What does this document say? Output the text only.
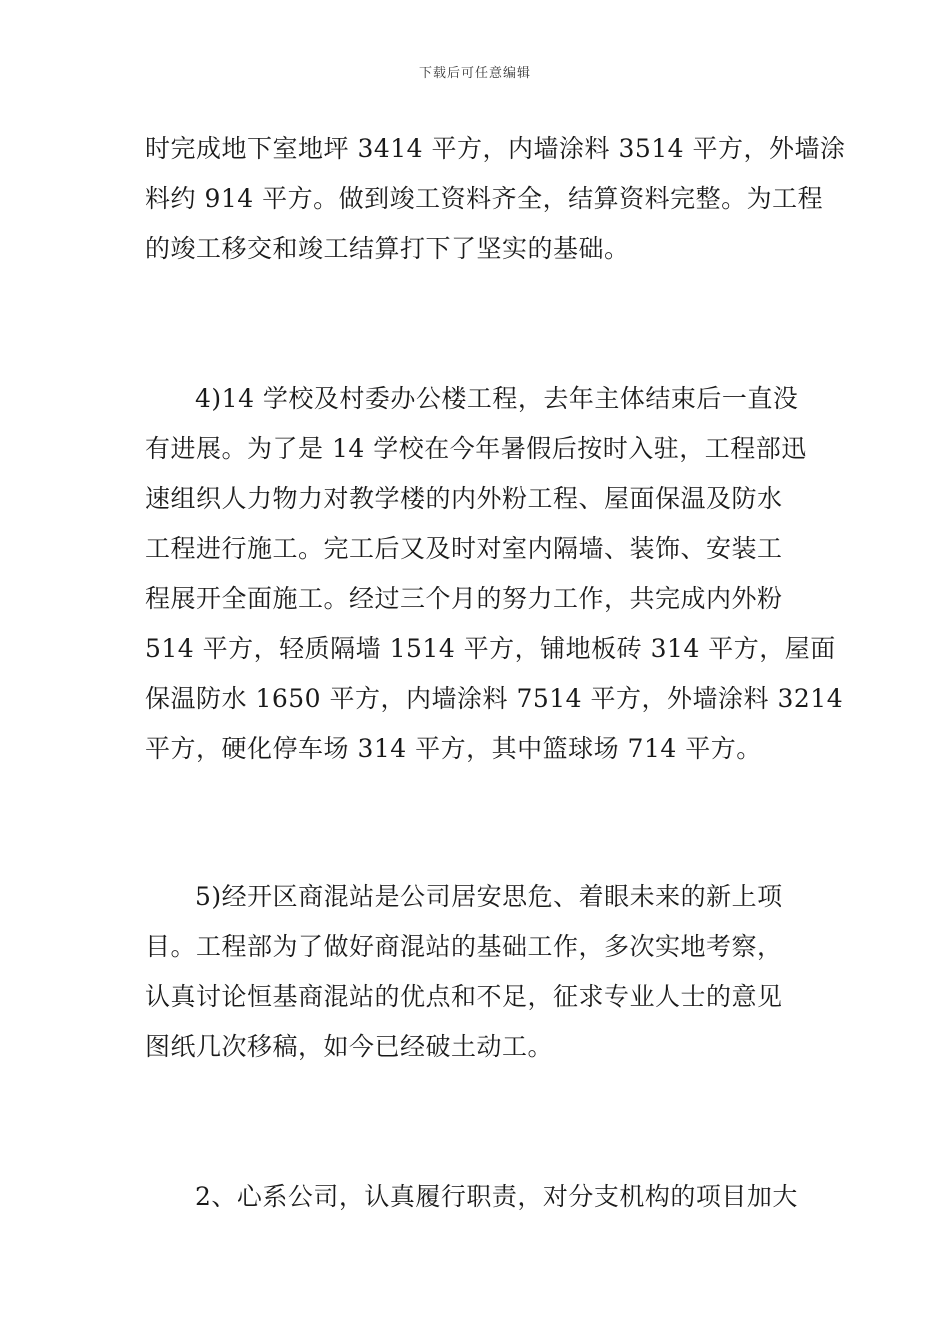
下载后可任意编辑
时完成地下室地坪 3414 平方，内墙涂料 3514 平方，外墙涂
料约 914 平方。做到竣工资料齐全，结算资料完整。为工程
的竣工移交和竣工结算打下了坚实的基础。
4)14 学校及村委办公楼工程，去年主体结束后一直没
有进展。为了是 14 学校在今年暑假后按时入驻，工程部迅
速组织人力物力对教学楼的内外粉工程、屋面保温及防水
工程进行施工。完工后又及时对室内隔墙、装饰、安装工
程展开全面施工。经过三个月的努力工作，共完成内外粉
514 平方，轻质隔墙 1514 平方，铺地板砖 314 平方，屋面
保温防水 1650 平方，内墙涂料 7514 平方，外墙涂料 3214
平方，硬化停车场 314 平方，其中篮球场 714 平方。
5)经开区商混站是公司居安思危、着眼未来的新上项
目。工程部为了做好商混站的基础工作，多次实地考察，
认真讨论恒基商混站的优点和不足，征求专业人士的意见
图纸几次移稿，如今已经破土动工。
2、心系公司，认真履行职责，对分支机构的项目加大
